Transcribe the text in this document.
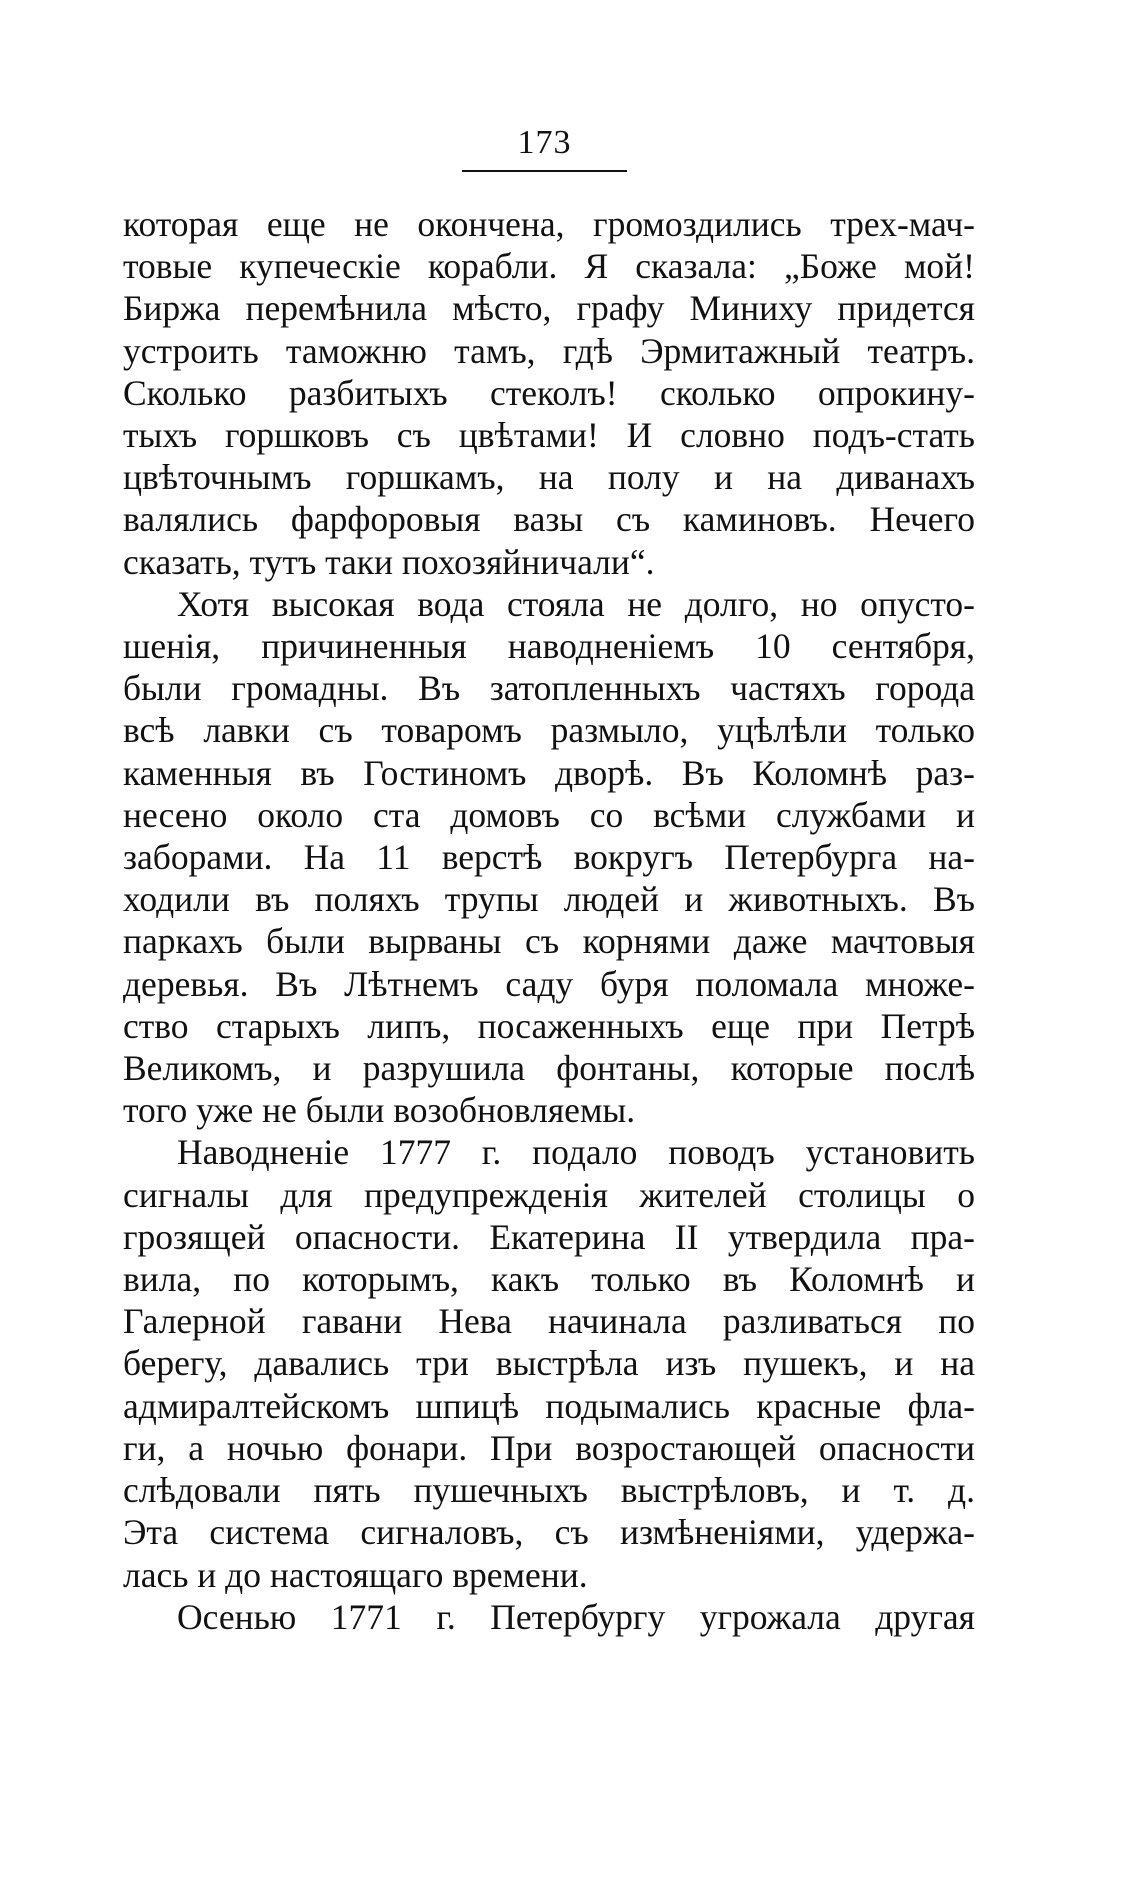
173
которая еще не окончена, громоздились трех-мач-
товые купеческіе корабли. Я сказала: „Боже мой!
Биржа перемѣнила мѣсто, графу Миниху придется
устроить таможню тамъ, гдѣ Эрмитажный театръ.
Сколько разбитыхъ стеколъ! сколько опрокину-
тыхъ горшковъ съ цвѣтами! И словно подъ-стать
цвѣточнымъ горшкамъ, на полу и на диванахъ
валялись фарфоровыя вазы съ каминовъ. Нечего
сказать, тутъ таки похозяйничали“.
Хотя высокая вода стояла не долго, но опусто-
шенія, причиненныя наводненіемъ 10 сентября,
были громадны. Въ затопленныхъ частяхъ города
всѣ лавки съ товаромъ размыло, уцѣлѣли только
каменныя въ Гостиномъ дворѣ. Въ Коломнѣ раз-
несено около ста домовъ со всѣми службами и
заборами. На 11 верстѣ вокругъ Петербурга на-
ходили въ поляхъ трупы людей и животныхъ. Въ
паркахъ были вырваны съ корнями даже мачтовыя
деревья. Въ Лѣтнемъ саду буря поломала множе-
ство старыхъ липъ, посаженныхъ еще при Петрѣ
Великомъ, и разрушила фонтаны, которые послѣ
того уже не были возобновляемы.
Наводненіе 1777 г. подало поводъ установить
сигналы для предупрежденія жителей столицы о
грозящей опасности. Екатерина II утвердила пра-
вила, по которымъ, какъ только въ Коломнѣ и
Галерной гавани Нева начинала разливаться по
берегу, давались три выстрѣла изъ пушекъ, и на
адмиралтейскомъ шпицѣ подымались красные фла-
ги, а ночью фонари. При возростающей опасности
слѣдовали пять пушечныхъ выстрѣловъ, и т. д.
Эта система сигналовъ, съ измѣненіями, удержа-
лась и до настоящаго времени.
Осенью 1771 г. Петербургу угрожала другая
